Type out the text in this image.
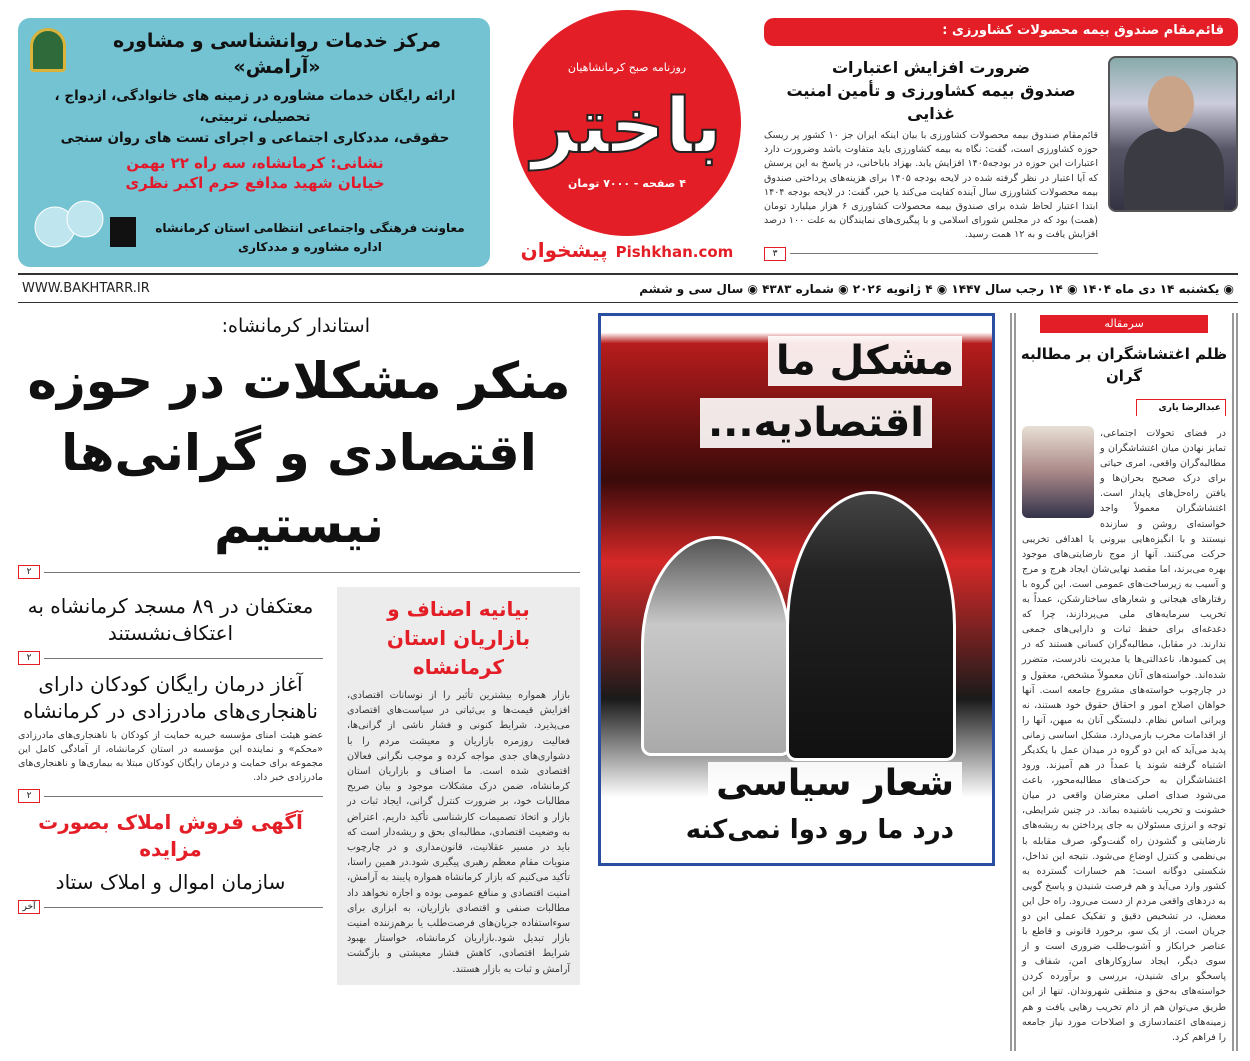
مرکز خدمات روانشناسی و مشاوره «آرامش»
ارائه رایگان خدمات مشاوره در زمینه های خانوادگی، ازدواج ، تحصیلی، تربیتی،
حقوقی، مددکاری اجتماعی و اجرای تست های روان سنجی
نشانی: کرمانشاه، سه راه ۲۲ بهمن
خیابان شهید مدافع حرم اکبر نظری
معاونت فرهنگی واجتماعی انتظامی استان کرمانشاه
اداره مشاوره و مددکاری
روزنامه صبح کرمانشاهیان
باختر
۴ صفحه - ۷۰۰۰ تومان
پیشخوان Pishkhan.com
قائم‌مقام صندوق بیمه محصولات کشاورزی :
ضرورت افزایش اعتبارات
صندوق بیمه کشاورزی و تأمین امنیت غذایی
قائم‌مقام صندوق بیمه محصولات کشاورزی با بیان اینکه ایران جز ۱۰ کشور پر ریسک حوزه کشاورزی است، گفت: نگاه به بیمه کشاورزی باید متفاوت باشد وضرورت دارد اعتبارات این حوزه در بودجه۱۴۰۵ افزایش یابد. بهزاد باباخانی، در پاسخ به این پرسش که آیا اعتبار در نظر گرفته شده در لایحه بودجه ۱۴۰۵ برای هزینه‌های پرداختی صندوق بیمه محصولات کشاورزی سال آینده کفایت می‌کند یا خیر، گفت: در لایحه بودجه ۱۴۰۴ ابتدا اعتبار لحاظ شده برای صندوق بیمه محصولات کشاورزی ۶ هزار میلیارد تومان (همت) بود که در مجلس شورای اسلامی و با پیگیری‌های نمایندگان به علت ۱۰۰ درصد افزایش یافت و به ۱۲ همت رسید.
۳
WWW.BAKHTARR.IR	◉ یکشنبه ۱۴ دی ماه ۱۴۰۴ ◉ ۱۴ رجب سال ۱۴۴۷ ◉ ۴ ژانویه ۲۰۲۶ ◉ شماره ۴۳۸۳ ◉ سال سی و ششم
استاندار کرمانشاه:
منکر مشکلات در حوزه اقتصادی و گرانی‌ها نیستیم
۲
معتکفان در ۸۹ مسجد کرمانشاه به اعتکاف‌نشستند
۲
آغاز درمان رایگان کودکان دارای ناهنجاری‌های مادرزادی در کرمانشاه
عضو هیئت امنای مؤسسه خیریه حمایت از کودکان با ناهنجاری‌های مادرزادی «محکم» و نماینده این مؤسسه در استان کرمانشاه، از آمادگی کامل این مجموعه برای حمایت و درمان رایگان کودکان مبتلا به بیماری‌ها و ناهنجاری‌های مادرزادی خبر داد.
۲
آگهی فروش املاک بصورت مزایده
سازمان اموال و املاک ستاد
آخر
بیانیه اصناف و بازاریان استان کرمانشاه
بازار همواره بیشترین تأثیر را از نوسانات اقتصادی، افزایش قیمت‌ها و بی‌ثباتی در سیاست‌های اقتصادی می‌پذیرد. شرایط کنونی و فشار ناشی از گرانی‌ها، فعالیت روزمره بازاریان و معیشت مردم را با دشواری‌های جدی مواجه کرده و موجب نگرانی فعالان اقتصادی شده است. ما اصناف و بازاریان استان کرمانشاه، ضمن درک مشکلات موجود و بیان صریح مطالبات خود، بر ضرورت کنترل گرانی، ایجاد ثبات در بازار و اتخاذ تصمیمات کارشناسی تأکید داریم. اعتراض به وضعیت اقتصادی، مطالبه‌ای بحق و ریشه‌دار است که باید در مسیر عقلانیت، قانون‌مداری و در چارچوب منویات مقام معظم رهبری پیگیری شود.در همین راستا، تأکید می‌کنیم که بازار کرمانشاه همواره پایبند به آرامش، امنیت اقتصادی و منافع عمومی بوده و اجازه نخواهد داد مطالبات صنفی و اقتصادی بازاریان، به ابزاری برای سوءاستفاده جریان‌های فرصت‌طلب یا برهم‌زننده امنیت بازار تبدیل شود.بازاریان کرمانشاه، خواستار بهبود شرایط اقتصادی، کاهش فشار معیشتی و بازگشت آرامش و ثبات به بازار هستند.
مشکل ما
اقتصادیه...
شعار سیاسی
درد ما رو دوا نمی‌کنه
سرمقاله
ظلم اغتشاشگران بر مطالبه گران
عبدالرضا یاری
در فضای تحولات اجتماعی، تمایز نهادن میان اغتشاشگران و مطالبه‌گران واقعی، امری حیاتی برای درک صحیح بحران‌ها و یافتن راه‌حل‌های پایدار است. اغتشاشگران معمولاً واجد خواسته‌ای روشن و سازنده نیستند و با انگیزه‌هایی بیرونی یا اهدافی تخریبی حرکت می‌کنند. آنها از موج نارضایتی‌های موجود بهره می‌برند، اما مقصد نهایی‌شان ایجاد هرج و مرج و آسیب به زیرساخت‌های عمومی است. این گروه با رفتارهای هیجانی و شعارهای ساختارشکن، عمداً به تخریب سرمایه‌های ملی می‌پردازند، چرا که دغدغه‌ای برای حفظ ثبات و دارایی‌های جمعی ندارند. در مقابل، مطالبه‌گران کسانی هستند که در پی کمبودها، ناعدالتی‌ها یا مدیریت نادرست، متضرر شده‌اند. خواسته‌های آنان معمولاً مشخص، معقول و در چارچوب خواسته‌های مشروع جامعه است. آنها خواهان اصلاح امور و احقاق حقوق خود هستند، نه ویرانی اساس نظام. دلبستگی آنان به میهن، آنها را از اقدامات مخرب بازمی‌دارد. مشکل اساسی زمانی پدید می‌آید که این دو گروه در میدان عمل با یکدیگر اشتباه گرفته شوند یا عمداً در هم آمیزند. ورود اغتشاشگران به حرکت‌های مطالبه‌محور، باعث می‌شود صدای اصلی معترضان واقعی در میان خشونت و تخریب ناشنیده بماند. در چنین شرایطی، توجه و انرژی مسئولان به جای پرداختن به ریشه‌های نارضایتی و گشودن راه گفت‌وگو، صرف مقابله با بی‌نظمی و کنترل اوضاع می‌شود. نتیجه این تداخل، شکستی دوگانه است: هم خسارات گسترده به کشور وارد می‌آید و هم فرصت شنیدن و پاسخ گویی به دردهای واقعی مردم از دست می‌رود. راه حل این معضل، در تشخیص دقیق و تفکیک عملی این دو جریان است. از یک سو، برخورد قانونی و قاطع با عناصر خرابکار و آشوب‌طلب ضروری است و از سوی دیگر، ایجاد سازوکارهای امن، شفاف و پاسخگو برای شنیدن، بررسی و برآورده کردن خواسته‌های به‌حق و منطقی شهروندان. تنها از این طریق می‌توان هم از دام تخریب رهایی یافت و هم زمینه‌های اعتمادسازی و اصلاحات مورد نیاز جامعه را فراهم کرد.
